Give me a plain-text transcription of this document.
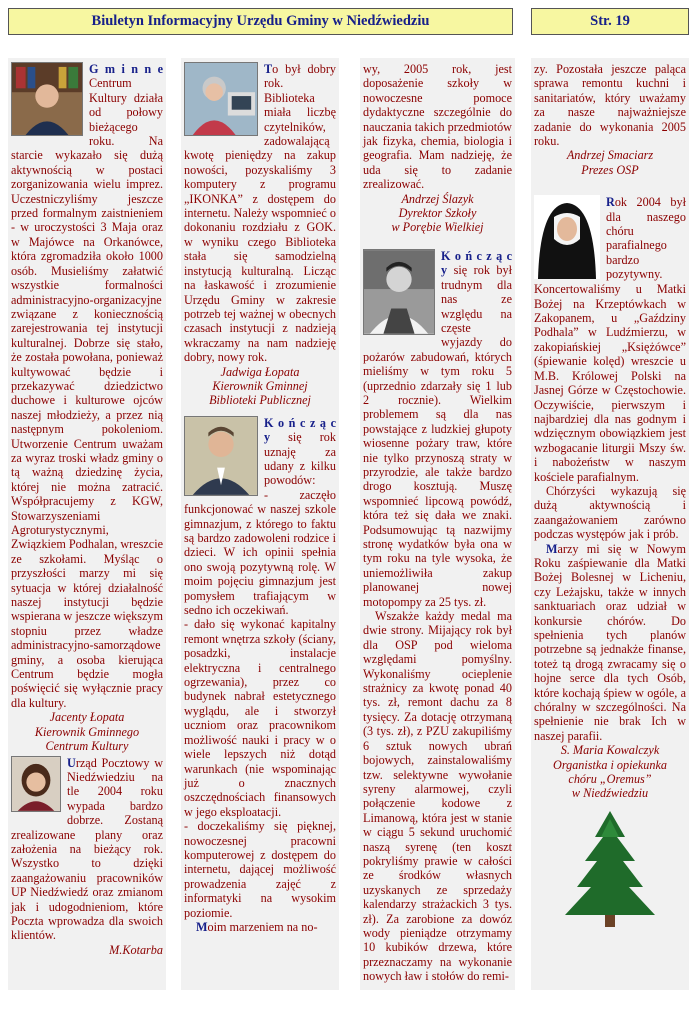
Biuletyn Informacyjny Urzędu Gminy w Niedźwiedziu	Str. 19

G m i n n e Centrum Kultury działa od połowy bieżącego roku. Na starcie wykazało się dużą aktywnością w postaci zorganizowania wielu imprez. Uczestniczyliśmy jeszcze przed formalnym zaistnieniem - w uroczystości 3 Maja oraz w Majówce na Orkanówce, która zgromadziła około 1000 osób. Musieliśmy załatwić wszystkie formalności administracyjno-organizacyjne związane z koniecznością zarejestrowania tej instytucji kulturalnej. Dobrze się stało, że została powołana, ponieważ kultywować będzie i przekazywać dziedzictwo duchowe i kulturowe ojców naszej młodzieży, a przez nią następnym pokoleniom. Utworzenie Centrum uważam za wyraz troski władz gminy o tą ważną dziedzinę życia, której nie można zatracić. Współpracujemy z KGW, Stowarzyszeniami Agroturystycznymi, Związkiem Podhalan, wreszcie ze szkołami. Myśląc o przyszłości marzy mi się sytuacja w której działalność naszej instytucji będzie wspierana w jeszcze większym stopniu przez władze administracyjno-samorządowe gminy, a osoba kierująca Centrum będzie mogła poświęcić się wyłącznie pracy dla kultury.

Jacenty Łopata

Kierownik Gminnego

Centrum Kultury

Urząd Pocztowy w Niedźwiedziu na tle 2004 roku wypada bardzo dobrze. Zostaną zrealizowane plany oraz założenia na bieżący rok. Wszystko to dzięki zaangażowaniu pracowników UP Niedźwiedź oraz zmianom jak i udogodnieniom, które Poczta wprowadza dla swoich klientów.

M.Kotarba

To był dobry rok. Biblioteka miała liczbę czytelników, zadowalającą kwotę pieniędzy na zakup nowości, pozyskaliśmy 3 komputery z programu „IKONKA” z dostępem do internetu. Należy wspomnieć o dokonaniu rozdziału z GOK. w wyniku czego Biblioteka stała się samodzielną instytucją kulturalną. Licząc na łaskawość i zrozumienie Urzędu Gminy w zakresie potrzeb tej ważnej w obecnych czasach instytucji z nadzieją wkraczamy na nam nadzieję dobry, nowy rok.

Jadwiga Łopata

Kierownik Gminnej

Biblioteki Publicznej

K o ń c z ą c y się rok uznaję za udany z kilku powodów:

- zaczęło funkcjonować w naszej szkole gimnazjum, z którego to faktu są bardzo zadowoleni rodzice i dzieci. W ich opinii spełnia ono swoją pozytywną rolę. W moim pojęciu gimnazjum jest pomysłem trafiającym w sedno ich oczekiwań.

- dało się wykonać kapitalny remont wnętrza szkoły (ściany, posadzki, instalacje elektryczna i centralnego ogrzewania), przez co budynek nabrał estetycznego wyglądu, ale i stworzył uczniom oraz pracownikom możliwość nauki i pracy w o wiele lepszych niż dotąd warunkach (nie wspominając już o znacznych oszczędnościach finansowych w jego eksploatacji.

- doczekaliśmy się pięknej, nowoczesnej pracowni komputerowej z dostępem do internetu, dającej możliwość prowadzenia zajęć z informatyki na wysokim poziomie.

Moim marzeniem na no-

wy, 2005 rok, jest doposażenie szkoły w nowoczesne pomoce dydaktyczne szczególnie do nauczania takich przedmiotów jak fizyka, chemia, biologia i geografia. Mam nadzieję, że uda się to zadanie zrealizować.

Andrzej Ślazyk

Dyrektor Szkoły

w Porębie Wielkiej

K o ń c z ą c y się rok był trudnym dla nas ze względu na częste wyjazdy do pożarów zabudowań, których mieliśmy w tym roku 5 (uprzednio zdarzały się 1 lub 2 rocznie). Wielkim problemem są dla nas powstające z ludzkiej głupoty wiosenne pożary traw, które nie tylko przynoszą straty w przyrodzie, ale także bardzo drogo kosztują. Muszę wspomnieć lipcową powódź, która też się dała we znaki. Podsumowując tą nazwijmy stronę wydatków była ona w tym roku na tyle wysoka, że uniemożliwiła zakup planowanej nowej motopompy za 25 tys. zł.

Wszakże każdy medal ma dwie strony. Mijający rok był dla OSP pod wieloma względami pomyślny. Wykonaliśmy ocieplenie strażnicy za kwotę ponad 40 tys. zł, remont dachu za 8 tysięcy. Za dotację otrzymaną (3 tys. zł), z PZU zakupiliśmy 6 sztuk nowych ubrań bojowych, zainstalowaliśmy tzw. selektywne wywołanie syreny alarmowej, czyli połączenie kodowe z Limanową, która jest w stanie w ciągu 5 sekund uruchomić naszą syrenę (ten koszt pokryliśmy prawie w całości ze środków własnych uzyskanych ze sprzedaży kalendarzy strażackich 3 tys. zł). Za zarobione za dowóz wody pieniądze otrzymamy 10 kubików drzewa, które przeznaczamy na wykonanie nowych ław i stołów do remi-

zy. Pozostała jeszcze paląca sprawa remontu kuchni i sanitariatów, który uważamy za nasze najważniejsze zadanie do wykonania 2005 roku.

Andrzej Smaciarz

Prezes OSP

Rok 2004 był dla naszego chóru parafialnego bardzo pozytywny. Koncertowaliśmy u Matki Bożej na Krzeptówkach w Zakopanem, u „Gaździny Podhala” w Ludźmierzu, w zakopiańskiej „Księżówce” (śpiewanie kolęd) wreszcie u M.B. Królowej Polski na Jasnej Górze w Częstochowie. Oczywiście, pierwszym i najbardziej dla nas godnym i wdzięcznym obowiązkiem jest wzbogacanie liturgii Mszy św. i nabożeństw w naszym kościele parafialnym.

Chórzyści wykazują się dużą aktywnością i zaangażowaniem zarówno podczas występów jak i prób.

Marzy mi się w Nowym Roku zaśpiewanie dla Matki Bożej Bolesnej w Licheniu, czy Leżajsku, także w innych sanktuariach oraz udział w konkursie chórów. Do spełnienia tych planów potrzebne są jednakże finanse, toteż tą drogą zwracamy się o hojne serce dla tych Osób, które kochają śpiew w ogóle, a chóralny w szczególności. Na spełnienie nie brak Ich w naszej parafii.

S. Maria Kowalczyk

Organistka i opiekunka

chóru „Oremus”

w Niedźwiedziu
